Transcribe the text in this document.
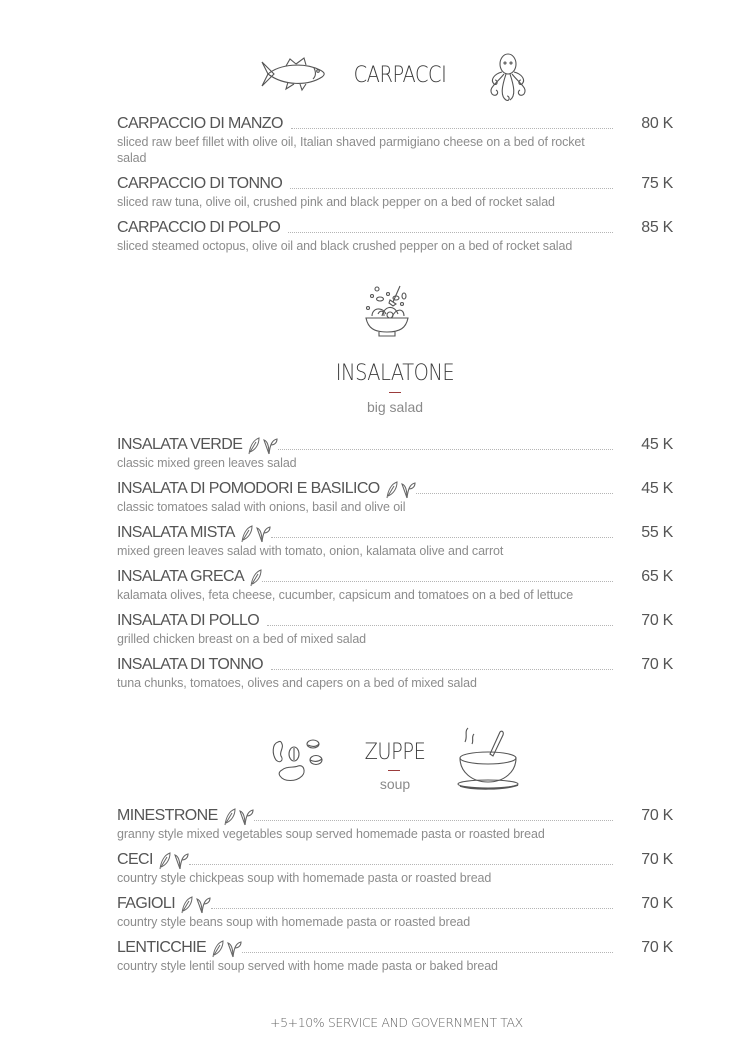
CARPACCI
CARPACCIO DI MANZO	80 K
sliced raw beef fillet with olive oil, Italian shaved parmigiano cheese on a bed of rocket salad
CARPACCIO DI TONNO	75 K
sliced raw tuna, olive oil, crushed pink and black pepper on a bed of rocket salad
CARPACCIO DI POLPO	85 K
sliced steamed octopus, olive oil and black crushed pepper on a bed of rocket salad
INSALATONE
big salad
INSALATA VERDE	45 K
classic mixed green leaves salad
INSALATA DI POMODORI E BASILICO	45 K
classic tomatoes salad with onions, basil and olive oil
INSALATA MISTA	55 K
mixed green leaves salad with tomato, onion, kalamata olive and carrot
INSALATA GRECA	65 K
kalamata olives, feta cheese, cucumber, capsicum and tomatoes on a bed of lettuce
INSALATA DI POLLO	70 K
grilled chicken breast on a bed of mixed salad
INSALATA DI TONNO	70 K
tuna chunks, tomatoes, olives and capers on a bed of mixed salad
ZUPPE
soup
MINESTRONE	70 K
granny style mixed vegetables soup served homemade pasta or roasted bread
CECI	70 K
country style chickpeas soup with homemade pasta or roasted bread
FAGIOLI	70 K
country style beans soup with homemade pasta or roasted bread
LENTICCHIE	70 K
country style lentil soup served with home made pasta or baked bread
+5+10% SERVICE AND GOVERNMENT TAX
